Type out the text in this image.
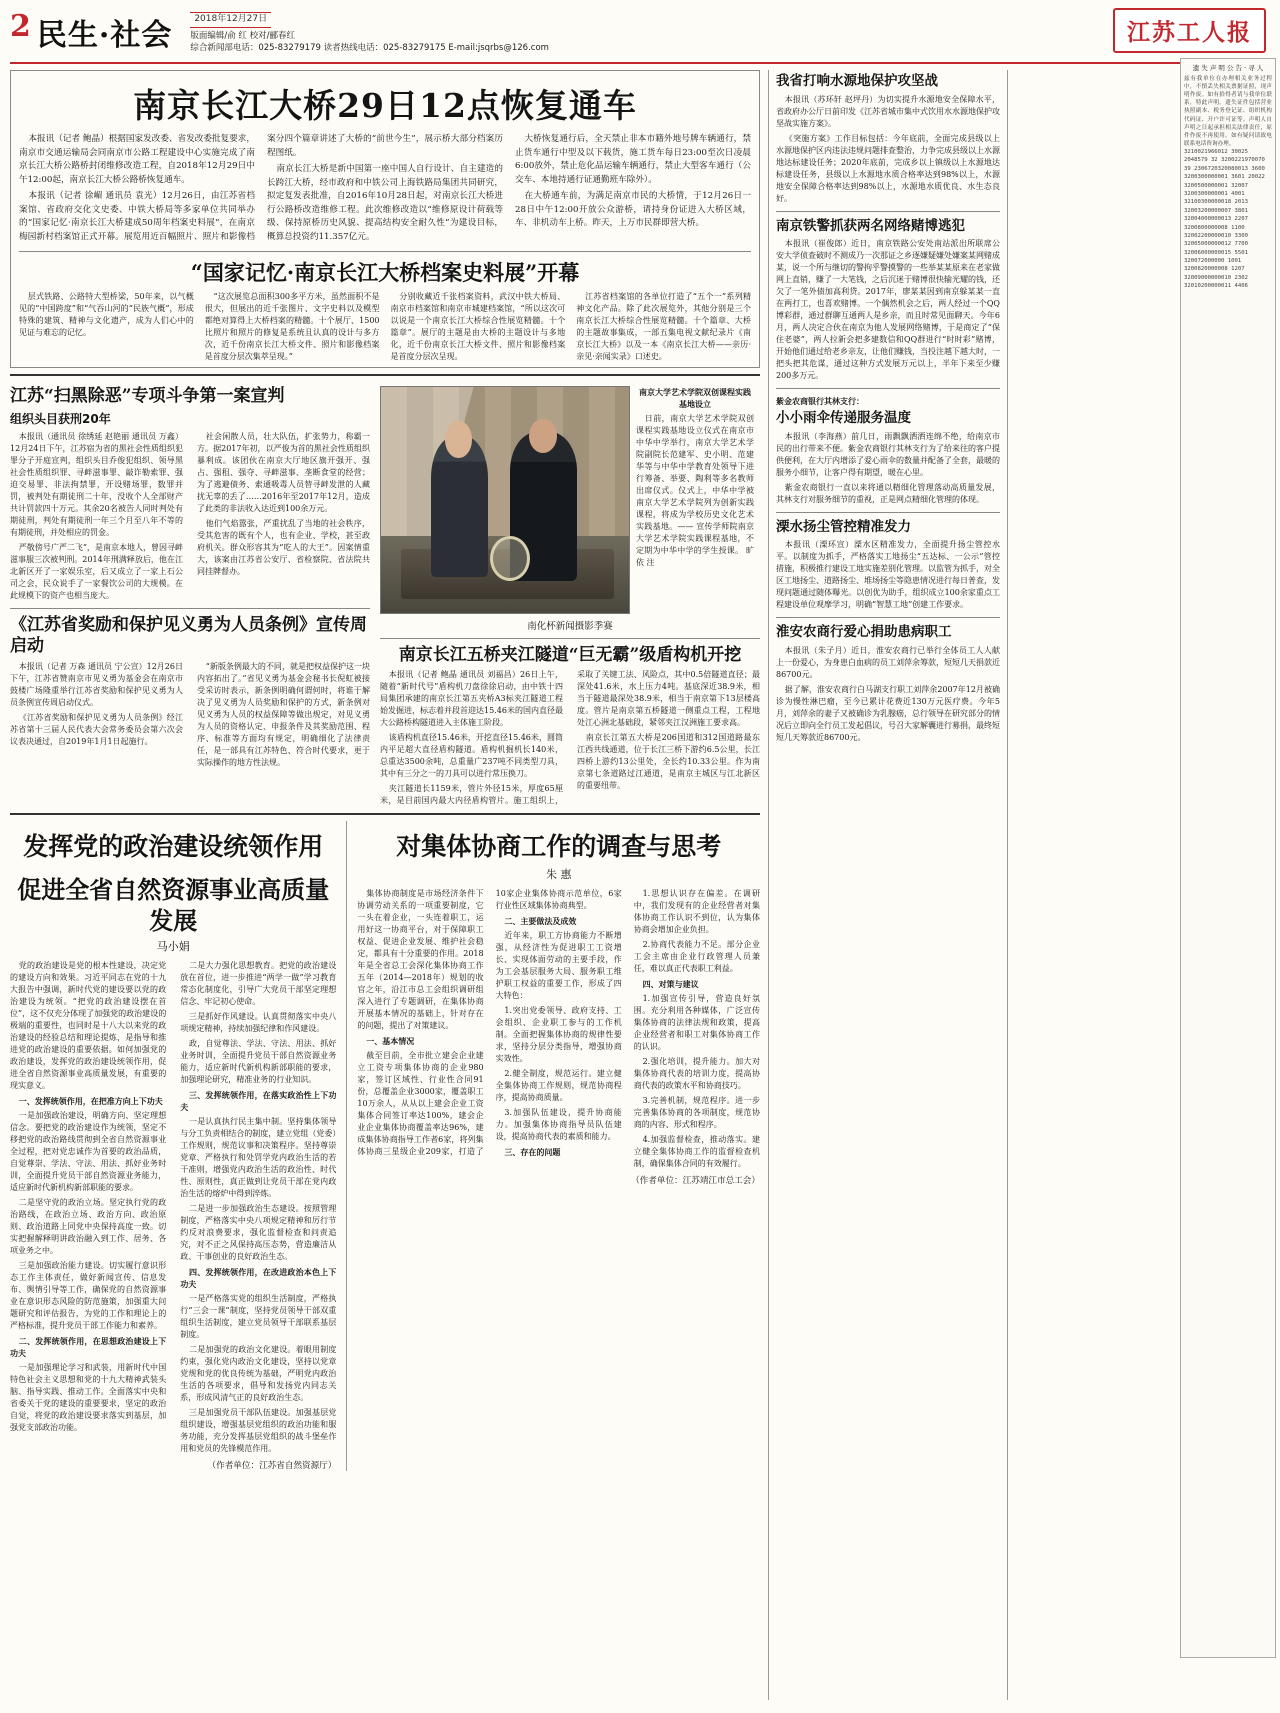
2 民生·社会	2018年12月27日
版面编辑/俞 红 校对/郦春红
综合新闻部电话：025-83279179 读者热线电话：025-83279175 E-mail:jsqrbs@126.com
江苏工人报
遗 失 声 明 公 告 · 寻 人
兹有我单位在办理相关业务过程中，不慎丢失相关票据证照，现声明作废。如有拾得者请与我单位联系，特此声明。遗失证件包括营业执照副本、税务登记证、组织机构代码证、开户许可证等。声明人自声明之日起承担相关法律责任，原件作废不再使用。如有疑问请致电联系电话咨询办理。
3210021966012 30025 2048579 32 3200221970070 39 2306720320080013 3600 3200300000001 3601 20022 3200500000001 32007 3200300000001 4001 32100300000018 2013 32003200000007 3801 32004000000013 2207 3200800000008 1100 32002200000010 3300 32005000000012 7700 32006000000015 5501 320072000000 1001 3200820000008 1207 32009000000010 2302 32010200000011 4406
南京长江大桥29日12点恢复通车

本报讯（记者 鲍晶）根据国家发改委、省发改委批复要求，南京市交通运输局会同南京市公路工程建设中心实施完成了南京长江大桥公路桥封闭维修改造工程，自2018年12月29日中午12:00起，南京长江大桥公路桥恢复通车。

本报讯（记者 徐嵋 通讯员 袁光）12月26日，由江苏省档案馆、省政府交化文史委、中铁大桥局等多家单位共同举办的“国家记忆·南京长江大桥建成50周年档案史料展”，在南京梅园新村档案馆正式开幕。展览用近百幅照片、照片和影像档案分四个篇章讲述了大桥的“前世今生”，展示桥大部分档案历程图纸。

南京长江大桥是新中国第一座中国人自行设计、自主建造的长跨江大桥，经市政府和中铁公司上海铁路局集团共同研究，拟定复发表批准，自2016年10月28日起，对南京长江大桥进行公路桥改造维修工程。此次维修改造以“维修原设计荷载等级、保持原桥历史风貌、提高结构安全耐久性”为建设目标，概算总投资约11.357亿元。

大桥恢复通行后，全天禁止非本市籍外地号牌车辆通行，禁止货车通行中型及以下载货，施工货车每日23:00至次日凌晨6:00放外，禁止危化品运输车辆通行，禁止大型客车通行（公交车、本地持通行证通勤班车除外）。

在大桥通车前，为满足南京市民的大桥情，于12月26日一28日中午12:00开放公众游桥，请持身份证进入大桥区域，车、非机动车上桥。昨天，上万市民群即营大桥。

“国家记忆·南京长江大桥档案史料展”开幕

层式铁路、公路特大型桥梁，50年来，以气概见的“中国跨度”和“气吞山河的“民族气概”，形成特殊的建筑、精神与文化遗产，成为人们心中的见证与难忘的记忆。

“这次展览总面积300多平方米，虽然面积不是很大，但展出的近千张图片、文字史料以及模型都绝对算得上大桥档案的精髓。十个展厅、1500比照片和照片的修复是系统且认真的设计与多方次，近千份南京长江大桥文件、照片和影像档案是首度分层次集萃呈现。”

分别收藏近千张档案资料，武汉中铁大桥局、南京市档案馆和南京市城建档案馆，“所以这次可以说是一个南京长江大桥综合性展览精髓。十个篇章”。展厅的主题是由大桥的主题设计与多地化，近千份南京长江大桥文件、照片和影像档案是首度分层次呈现。

江苏省档案馆的各单位打造了“五个一”系列精神文化产品。除了此次展览外，其他分别是三个南京长江大桥综合性展览精髓。十个篇章、大桥的主题故事集成，一部五集电视文献纪录片《南京长江大桥》以及一本《南京长江大桥——亲历·亲见·亲闻实录》口述史。

江苏“扫黑除恶”专项斗争第一案宣判
组织头目获刑20年

本报讯（通讯员 徐绣延 赵艳丽 通讯员 万鑫）12月24日下午，江苏宿为省的黑社会性质组织犯罪分子开庭宣判，组织头目乔俊犯组织、领导黑社会性质组织罪、寻衅滋事罪、敲诈勒索罪、强迫交易罪、非法拘禁罪，开设赌场罪，数罪并罚，被判处有期徒刑二十年，没收个人全部财产共计罚款四十万元。其余20名被告人同时判处有期徒刑，判处有期徒刑一年三个月至八年不等的有期徒刑，并处相应的罚金。

严敬傍号广严二飞“，是南京本地人，曾因寻衅滋事服三次被判刑。2014年刑满释放后，他在江北新区开了一家娱乐室，后又成立了一家上石公司之会，民众说手了一家餐饮公司的大规模。在此规模下的资产也相当庞大。

社会闲散人员，壮大队伍，扩张势力，称霸一方。据2017年初，以严俊为首的黑社会性质组织暴利成。该团伙在南京大厅地区旗开强开、强占、强租、强夺、寻衅滋事、垄断食堂的经营；为了逃避债务、索通吸毒人员替寻衅发泄的人藏扰无辜的丢了……2016年至2017年12月，造成了此类的非法收入达近到100余万元。

他们气焰嚣张，严重扰乱了当地的社会秩序，受其危害的既有个人，也有企业、学校，甚至政府机关。群众形容其为“吃人的大王”。因案情重大，该案由江苏省公安厅、省检察院、省法院共同挂牌督办。

《江苏省奖励和保护见义勇为人员条例》宣传周启动

本报讯（记者 万森 通讯员 宁公宣）12月26日下午，江苏省赞南京市见义勇为基金会在南京市鼓楼广场隆重举行江苏省奖励和保护见义勇为人员条例宣传周启动仪式。

《江苏省奖励和保护见义勇为人员条例》经江苏省第十三届人民代表大会常务委员会第六次会议表决通过，自2019年1月1日起施行。

“新版条例最大的不同，就是把权益保护这一块内容拓出了。”省见义勇为基金会秘书长倪虹被接受采访时表示，新条例明确何谓何时，将谁于解决了见义勇为人员奖励和保护的方式，新条例对见义勇为人员的权益保障等做出规定，对见义勇为人员的资格认定、申报条件及其奖励范围、程序、标准等方面均有规定，明确细化了法律责任，是一部具有江苏特色、符合时代要求，更于实际操作的地方性法规。

南京大学艺术学院双创课程实践基地设立

日前，南京大学艺术学院双创课程实践基地设立仪式在南京市中华中学举行，南京大学艺术学院副院长范建军、史小明、范建华等与中华中学教育处领导下进行筹备、举要、陶利等多名教师出席仪式。仪式上，中华中学被南京大学艺术学院列为创新实践课程，将成为学校历史文化艺术实践基地。—— 宣传学师院南京大学艺术学院实践课程基地，不定期为中华中学的学生授课。 旷依 注

南化杯新闻摄影季赛
南京长江五桥夹江隧道“巨无霸”级盾构机开挖

本报讯（记者 鲍晶 通讯员 刘福昌）26日上午，随着“新时代号”盾构机刀盘徐徐启动，由中铁十四局集团承建的南京长江第五夹桥A3标夹江隧道工程始发掘进，标志着并段首迎达15.46米的国内直径最大公路桥构隧道进入主体施工阶段。

该盾构机直径15.46米，开挖直径15.46米，圆筒内平足超大直径盾构隧道。盾构机掘机长140米，总重达3500余吨，总重量广237吨不同类型刀具，其中有三分之一的刀具可以进行常压换刀。

夹江隧道长1159米，管片外径15米，厚度65厘米，是目前国内最大内径盾构管片。施工组织上，采取了关键工法、风险点，其中0.5倍隧道直径；最深处41.6米，水上压力4吨。基底深近38.9米，相当于隧道最深处38.9米，相当于南京第下13层楼高度。管片是南京第五桥隧道一侧重点工程，工程地处江心洲北基础段，紧邻夹江汉洲施工要求高。

南京长江第五大桥是206国道和312国道路最东江西共线通道，位于长江三桥下游约6.5公里，长江四桥上游约13公里处，全长约10.33公里。作为南京第七条道路过江通道，是南京主城区与江北新区的重要纽带。

发挥党的政治建设统领作用
促进全省自然资源事业高质量发展
马小娟

党的政治建设是党的根本性建设，决定党的建设方向和效果。习近平同志在党的十九大报告中强调，新时代党的建设要以党的政治建设为统领。“把党的政治建设摆在首位”，这不仅充分体现了加强党的政治建设的极端的重要性，也同时是十八大以来党的政治建设的经验总结和理论提炼，是指导和推进党的政治建设的重要依据。如何加强党的政治建设，发挥党的政治建设统领作用，促进全省自然资源事业高质量发展，有重要的现实意义。

一、发挥统领作用，在把准方向上下功夫

一是加强政治建设，明确方向、坚定理想信念。要把党的政治建设作为统领，坚定不移把党的政治路线贯彻到全省自然资源事业全过程，把对党忠诚作为首要的政治品质，自觉尊崇、学法、守法、用法、抓好业务时训，全面提升党员干部自然资源业务能力，适应新时代新机构新部职能的要求。

二是坚守党的政治立场。坚定执行党的政治路线，在政治立场、政治方向、政治原则、政治道路上同党中央保持高度一致。切实把握解释明讲政治融入到工作、居务、各项业务之中。

三是加强政治能力建设。切实履行意识形态工作主体责任，做好新闻宣传、信息发布、舆情引导等工作，确保党的自然资源事业在意识形态风险的防范施策，加强重大问题研究和评估报告，为党的工作和理论上的严格标准，提升党员干部工作能力和素养。

二、发挥统领作用，在思想政治建设上下功夫

一是加强理论学习和武装，用新时代中国特色社会主义思想和党的十九大精神武装头脑、指导实践、推动工作。全面落实中央和省委关于党的建设的重要要求，坚定的政治自觉，将党的政治建设要求落实到基层，加强党支部政治功能。

二是大力强化思想教育。把党的政治建设放在首位，进一步推进“两学一做”学习教育常态化制度化，引导广大党员干部坚定理想信念、牢记初心使命。

三是抓好作风建设。认真贯彻落实中央八项规定精神，持续加强纪律和作风建设。

政，自觉尊法、学法、守法、用法、抓好业务时训，全面提升党员干部自然资源业务能力，适应新时代新机构新部职能的要求，加强理论研究，精准业务的行业知识。

三、发挥统领作用，在落实政治性上下功夫

一是认真执行民主集中制。坚持集体领导与分工负责相结合的制度，建立党组（党委）工作规则，规范议事和决策程序。坚持尊崇党章、严格执行和处罚学党内政治生活的若干准则，增强党内政治生活的政治性、时代性、原则性，真正做到让党员干部在党内政治生活的熔炉中得到淬炼。

二是进一步加强政治生态建设。按照管理制度，严格落实中央八项规定精神和厉行节约反对浪费要求，强化监督检查和问责追究，对不正之风保持高压态势，营造廉洁从政、干事创业的良好政治生态。

四、发挥统领作用，在改进政治本色上下功夫

一是严格落实党的组织生活制度，严格执行“三会一课”制度，坚持党员领导干部双重组织生活制度，建立党员领导干部联系基层制度。

二是加强党的政治文化建设。着眼用制度约束，强化党内政治文化建设，坚持以党章党规和党的优良传统为基础，严明党内政治生活的各项要求，倡导和发扬党内同志关系，形成风清气正的良好政治生态。

三是加强党员干部队伍建设。加强基层党组织建设，增强基层党组织的政治功能和服务功能，充分发挥基层党组织的战斗堡垒作用和党员的先锋模范作用。

（作者单位：江苏省自然资源厅）
对集体协商工作的调查与思考
朱 惠

集体协商制度是市场经济条件下协调劳动关系的一项重要制度，它一头在着企业，一头连着职工，运用好这一协商平台，对于保障职工权益、促进企业发展、维护社会稳定，都具有十分重要的作用。2018年是全省总工会深化集体协商工作五年（2014—2018年）规划的收官之年，沿江市总工会组织调研组深入进行了专题调研，在集体协商开展基本情况的基础上，针对存在的问题，提出了对策建议。

一、基本情况

截至目前，全市批立建会企业建立工资专项集体协商的企业980家，签订区域性、行业性合同91份，总覆盖企业3000家，覆盖职工10万余人，从从以上建会企业工资集体合同签订率达100%，建会企业企业集体协商覆盖率达96%，建成集体协商指导工作者6家，将列集体协商三星级企业209家，打造了10家企业集体协商示范单位，6家行业性区域集体协商典型。

二、主要做法及成效

近年来，职工方协商能力不断增强，从经济性为促进职工工资增长、实现体面劳动的主要手段，作为工会基层服务大局、服务职工维护职工权益的重要工作，形成了四大特色：

1.突出党委领导、政府支持、工会组织、企业职工参与的工作机制。全面把握集体协商的规律性要求，坚持分层分类指导，增强协商实效性。

2.健全制度，规范运行。建立健全集体协商工作规则，规范协商程序，提高协商质量。

3.加强队伍建设，提升协商能力。加强集体协商指导员队伍建设，提高协商代表的素质和能力。

三、存在的问题

1.思想认识存在偏差。在调研中，我们发现有的企业经营者对集体协商工作认识不到位，认为集体协商会增加企业负担。

2.协商代表能力不足。部分企业工会主席由企业行政管理人员兼任，难以真正代表职工利益。

四、对策与建议

1.加强宣传引导，营造良好氛围。充分利用各种媒体，广泛宣传集体协商的法律法规和政策，提高企业经营者和职工对集体协商工作的认识。

2.强化培训，提升能力。加大对集体协商代表的培训力度，提高协商代表的政策水平和协商技巧。

3.完善机制，规范程序。进一步完善集体协商的各项制度，规范协商的内容、形式和程序。

4.加强监督检查，推动落实。建立健全集体协商工作的监督检查机制，确保集体合同的有效履行。

（作者单位：江苏靖江市总工会）
我省打响水源地保护攻坚战

本报讯（苏环轩 赵坪丹）为切实提升水源地安全保障水平，省政府办公厅日前印发《江苏省城市集中式饮用水水源地保护攻坚战实施方案》。

《突施方案》工作目标包括：今年底前，全面完成县级以上水源地保护区内违法违规问题排查整治，力争完成县级以上水源地达标建设任务；2020年底前，完成乡以上镇级以上水源地达标建设任务，县级以上水源地水质合格率达到98%以上，水源地安全保障合格率达到98%以上，水源地水质优良、水生态良好。

南京铁警抓获两名网络赌博逃犯

本报讯（崔俊郎）近日，南京铁路公安处南站派出所联席公安大学侦查破时不测成乃一次那证之乡逐嫌疑嫌处嫌案某网赌成某，说一个所与继切的警拘乎警摸警的一些举某某原来在老家做网上直销，赚了一大笔钱，之后沉迷于赌博很快输光耀的钱，还欠了一笔外债加高利贷。2017年，廖某某因到南京躲某某一直在两打工，也喜欢赌博。一个偶然机会之后，两人经过一个QQ博彩群，通过群聊互通两人是乡亲，而且时常见面聊天。今年6月，两人决定合伙在南京为他人发展网络赌博，于是商定了“保住老婆”，两人拉新会把多建数信和QQ群进行“时时彩”赌博，开始他们通过给老乡亲友，让他们赚钱，当投注越下越大时，一把头把其危谋，通过这种方式发展万元以上，半年下来至少赚200多万元。

紫金农商银行其林支行：

小小雨伞传递服务温度

本报讯（李海燕）前几日，雨飘飘洒洒连绵不绝，给南京市民的出行带来不便。紫金农商银行其林支行为了给来往的客户提供便利，在大厅内增添了爱心雨伞的数量并配备了全套，最暖的服务小细节，让客户得有期望，暖在心里。

紫金农商银行一直以来将通以精细化管理落动高质量发展，其林支行对服务细节的重视，正是网点精细化管理的体现。

溧水扬尘管控精准发力

本报讯（溧环宣）溧水区精准发力，全面提升扬尘管控水平。以制度为抓手，严格落实工地扬尘“五达标、一公示”管控措施，积极推行建设工地实施差别化管理。以监管为抓手，对全区工地扬尘、道路扬尘、堆场扬尘等隐患情况进行每日普查，发现问题通过随体曝光。以创优为助手，组织成立100余家重点工程建设单位观摩学习，明确“智慧工地”创建工作要求。

淮安农商行爱心捐助患病职工

本报讯（朱子月）近日，淮安农商行已举行全体员工人人献上一份爱心，为身患白血病的员工刘萍余筹款，短短几天捐款近86700元。

据了解，淮安农商行白马湖支行职工刘萍余2007年12月被确诊为慢性淋巴瘤，至今已累计花费近130万元医疗费。今年5月，刘萍余的妻子又被确诊为乳腺癌，总行领导在研究部分的情况后立即向全行员工发起倡议，号召大家解囊进行募捐，最终短短几天筹款近86700元。
